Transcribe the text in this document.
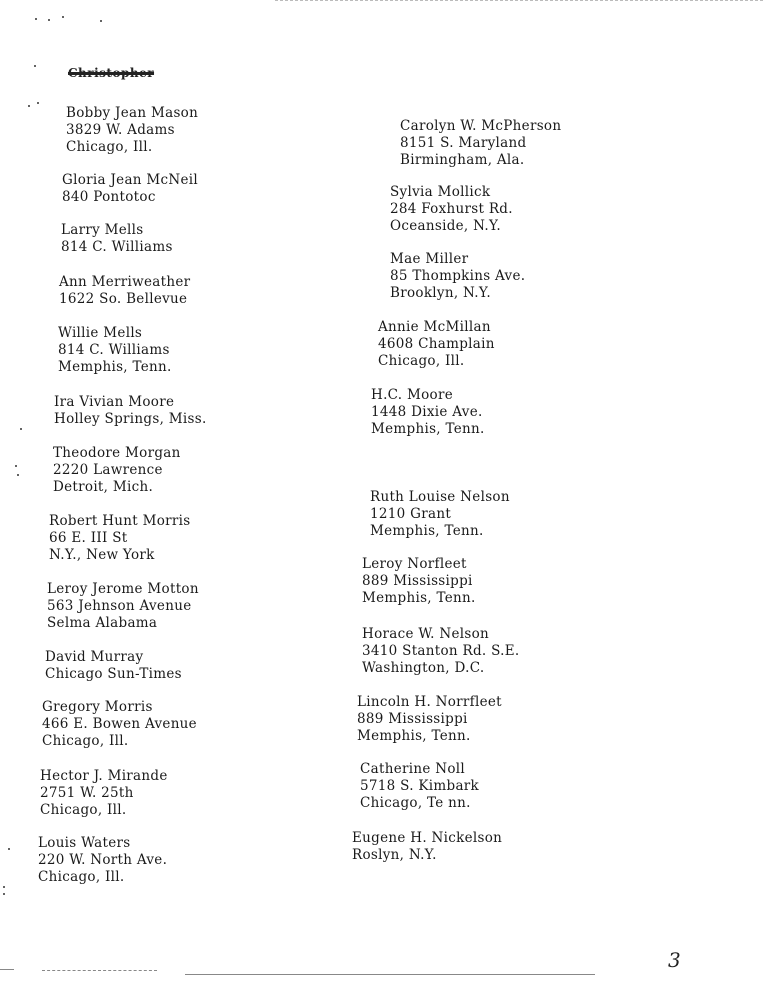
Christopher
Bobby Jean Mason
3829 W. Adams
Chicago, Ill.
Gloria Jean McNeil
840 Pontotoc
Larry Mells
814 C. Williams
Ann Merriweather
1622 So. Bellevue
Willie Mells
814 C. Williams
Memphis, Tenn.
Ira Vivian Moore
Holley Springs, Miss.
Theodore Morgan
2220 Lawrence
Detroit, Mich.
Robert Hunt Morris
66 E. III St
N.Y., New York
Leroy Jerome Motton
563 Jehnson Avenue
Selma Alabama
David Murray
Chicago Sun-Times
Gregory Morris
466 E. Bowen Avenue
Chicago, Ill.
Hector J. Mirande
2751 W. 25th
Chicago, Ill.
Louis Waters
220 W. North Ave.
Chicago, Ill.
Carolyn W. McPherson
8151 S. Maryland
Birmingham, Ala.
Sylvia Mollick
284 Foxhurst Rd.
Oceanside, N.Y.
Mae Miller
85 Thompkins Ave.
Brooklyn, N.Y.
Annie McMillan
4608 Champlain
Chicago, Ill.
H.C. Moore
1448 Dixie Ave.
Memphis, Tenn.
Ruth Louise Nelson
1210 Grant
Memphis, Tenn.
Leroy Norfleet
889 Mississippi
Memphis, Tenn.
Horace W. Nelson
3410 Stanton Rd. S.E.
Washington, D.C.
Lincoln H. Norrfleet
889 Mississippi
Memphis, Tenn.
Catherine Noll
5718 S. Kimbark
Chicago, Te nn.
Eugene H. Nickelson
Roslyn, N.Y.
3
